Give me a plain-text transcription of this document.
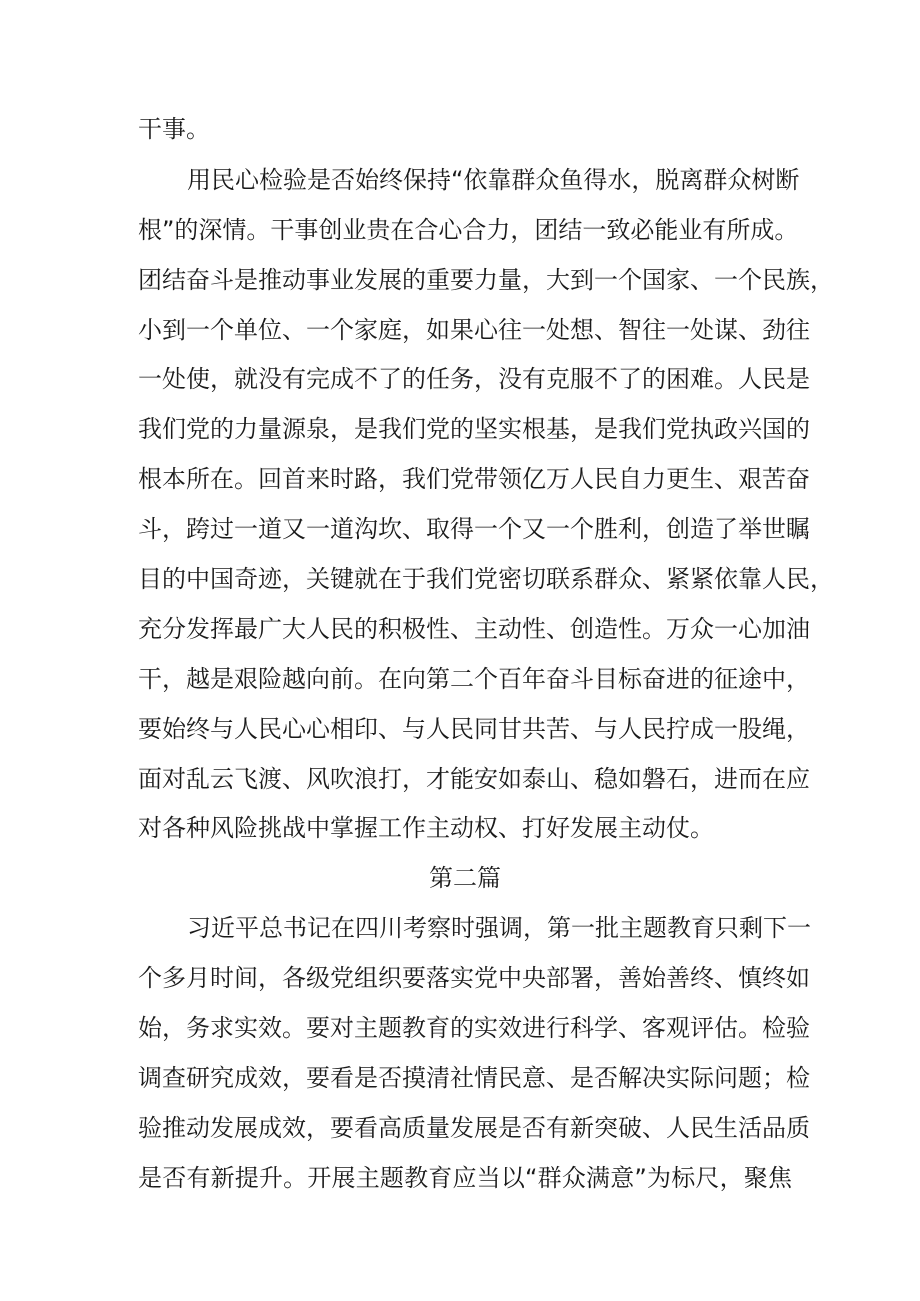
干事。
用民心检验是否始终保持“依靠群众鱼得水，脱离群众树断
根”的深情。干事创业贵在合心合力，团结一致必能业有所成。
团结奋斗是推动事业发展的重要力量，大到一个国家、一个民族，
小到一个单位、一个家庭，如果心往一处想、智往一处谋、劲往
一处使，就没有完成不了的任务，没有克服不了的困难。人民是
我们党的力量源泉，是我们党的坚实根基，是我们党执政兴国的
根本所在。回首来时路，我们党带领亿万人民自力更生、艰苦奋
斗，跨过一道又一道沟坎、取得一个又一个胜利，创造了举世瞩
目的中国奇迹，关键就在于我们党密切联系群众、紧紧依靠人民，
充分发挥最广大人民的积极性、主动性、创造性。万众一心加油
干，越是艰险越向前。在向第二个百年奋斗目标奋进的征途中，
要始终与人民心心相印、与人民同甘共苦、与人民拧成一股绳，
面对乱云飞渡、风吹浪打，才能安如泰山、稳如磐石，进而在应
对各种风险挑战中掌握工作主动权、打好发展主动仗。
第二篇
习近平总书记在四川考察时强调，第一批主题教育只剩下一
个多月时间，各级党组织要落实党中央部署，善始善终、慎终如
始，务求实效。要对主题教育的实效进行科学、客观评估。检验
调查研究成效，要看是否摸清社情民意、是否解决实际问题；检
验推动发展成效，要看高质量发展是否有新突破、人民生活品质
是否有新提升。开展主题教育应当以“群众满意”为标尺，聚焦
